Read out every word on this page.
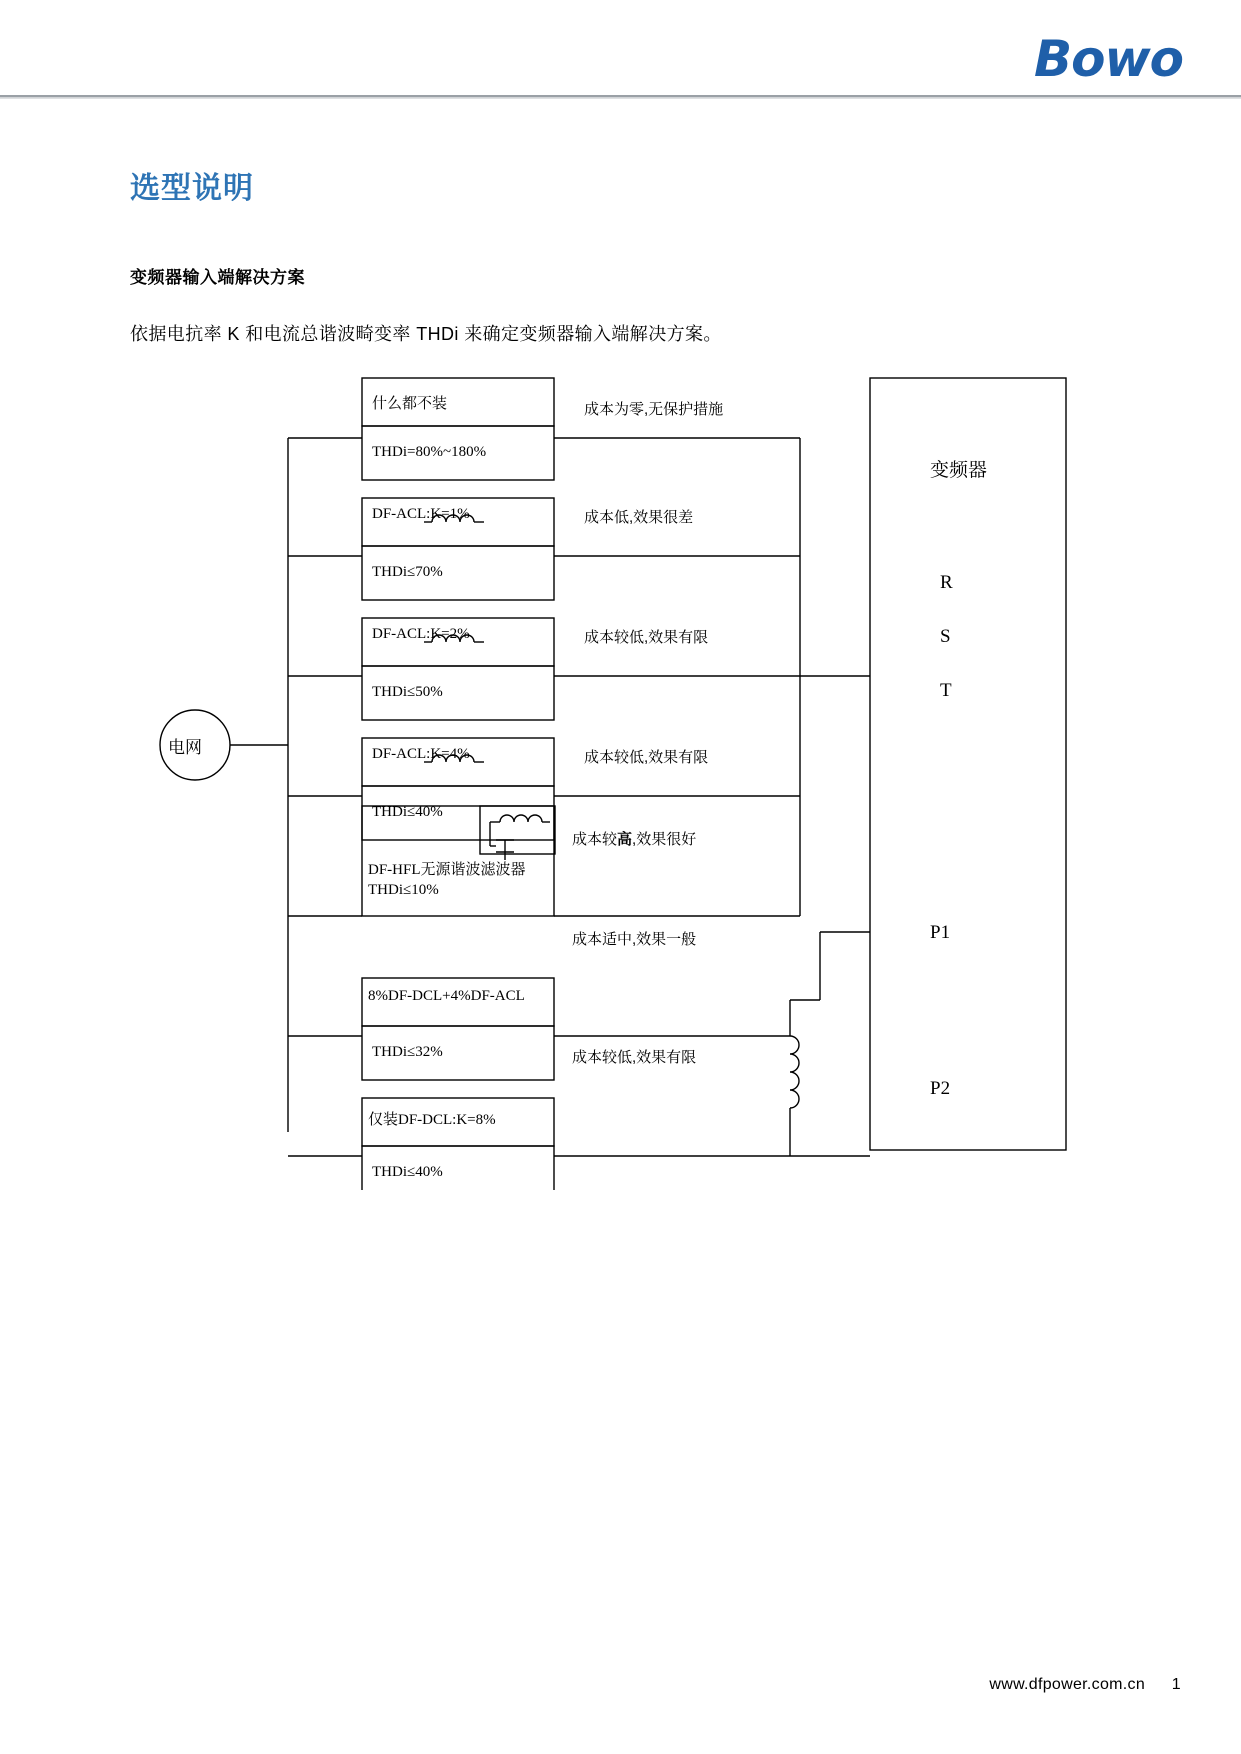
Bowo
选型说明
变频器输入端解决方案
依据电抗率 K 和电流总谐波畸变率 THDi 来确定变频器输入端解决方案。
电网
变频器
R
S
T
P1
P2
什么都不装
THDi=80%~180%
成本为零,无保护措施
DF-ACL:K=1%
THDi≤70%
成本低,效果很差
DF-ACL:K=2%
THDi≤50%
成本较低,效果有限
DF-ACL:K=4%
THDi≤40%
成本较低,效果有限
DF-HFL无源谐波滤波器
THDi≤10%
成本较高,效果很好
8%DF-DCL+4%DF-ACL
THDi≤32%
成本适中,效果一般
仅装DF-DCL:K=8%
THDi≤40%
成本较低,效果有限
www.dfpower.com.cn 1
